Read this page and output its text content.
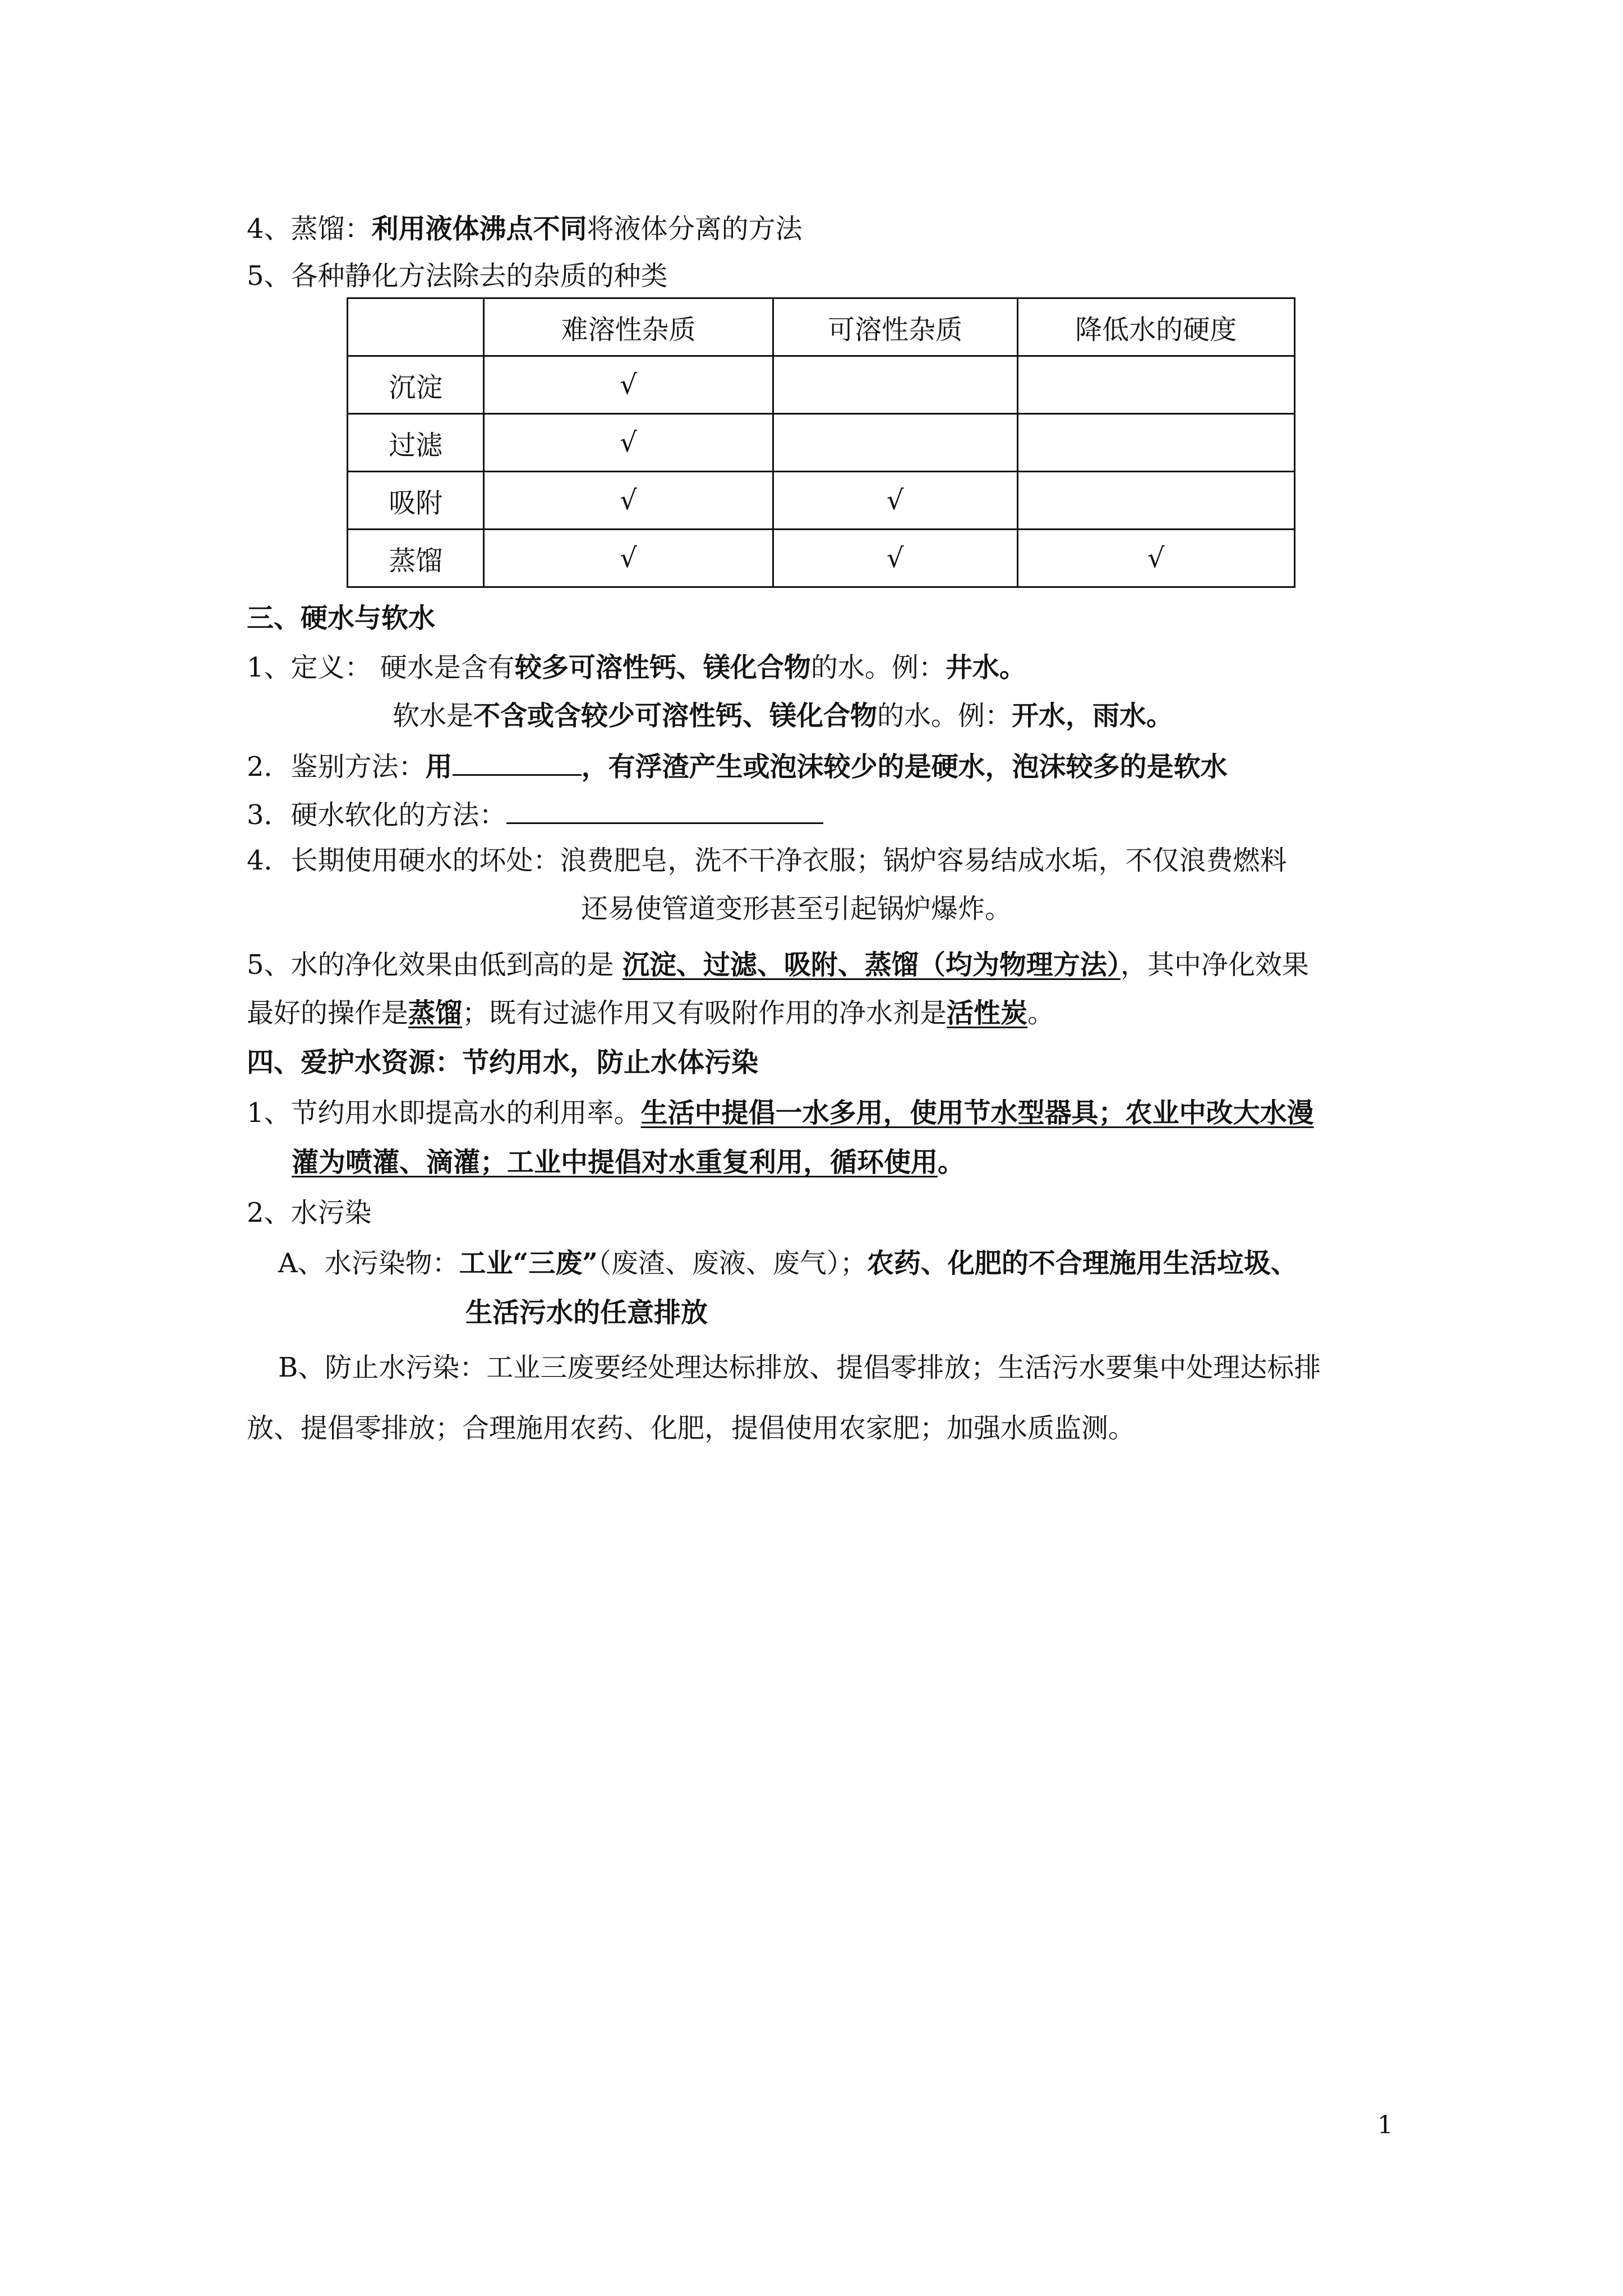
4、蒸馏：利用液体沸点不同将液体分离的方法
5、各种静化方法除去的杂质的种类
	难溶性杂质	可溶性杂质	降低水的硬度
沉淀	√		
过滤	√		
吸附	√	√	
蒸馏	√	√	√
三、硬水与软水
1、定义： 硬水是含有较多可溶性钙、镁化合物的水。例：井水。
软水是不含或含较少可溶性钙、镁化合物的水。例：开水，雨水。
2．鉴别方法：用	，有浮渣产生或泡沫较少的是硬水，泡沫较多的是软水
3．硬水软化的方法：
4．长期使用硬水的坏处：浪费肥皂，洗不干净衣服；锅炉容易结成水垢，不仅浪费燃料
还易使管道变形甚至引起锅炉爆炸。
5、水的净化效果由低到高的是 沉淀、过滤、吸附、蒸馏（均为物理方法），其中净化效果
最好的操作是蒸馏；既有过滤作用又有吸附作用的净水剂是活性炭。
四、爱护水资源：节约用水，防止水体污染
1、节约用水即提高水的利用率。生活中提倡一水多用，使用节水型器具；农业中改大水漫
灌为喷灌、滴灌；工业中提倡对水重复利用，循环使用。
2、水污染
A、水污染物：工业“三废”（废渣、废液、废气）；农药、化肥的不合理施用生活垃圾、
生活污水的任意排放
B、防止水污染：工业三废要经处理达标排放、提倡零排放；生活污水要集中处理达标排
放、提倡零排放；合理施用农药、化肥，提倡使用农家肥；加强水质监测。
1
